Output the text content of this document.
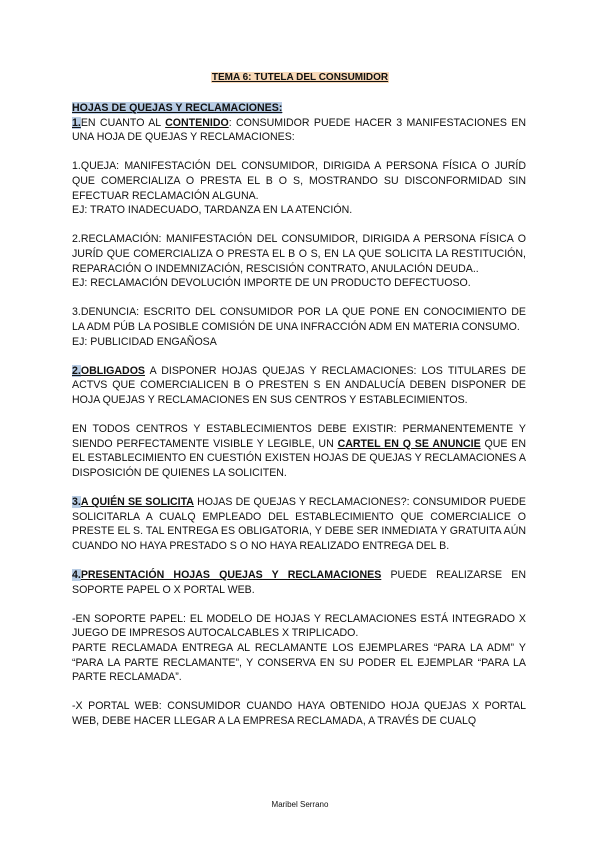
TEMA 6: TUTELA DEL CONSUMIDOR

HOJAS DE QUEJAS Y RECLAMACIONES:

1.EN CUANTO AL CONTENIDO: CONSUMIDOR PUEDE HACER 3 MANIFESTACIONES EN UNA HOJA DE QUEJAS Y RECLAMACIONES:

1.QUEJA: MANIFESTACIÓN DEL CONSUMIDOR, DIRIGIDA A PERSONA FÍSICA O JURÍD QUE COMERCIALIZA O PRESTA EL B O S, MOSTRANDO SU DISCONFORMIDAD SIN EFECTUAR RECLAMACIÓN ALGUNA.

EJ: TRATO INADECUADO, TARDANZA EN LA ATENCIÓN.

2.RECLAMACIÓN: MANIFESTACIÓN DEL CONSUMIDOR, DIRIGIDA A PERSONA FÍSICA O JURÍD QUE COMERCIALIZA O PRESTA EL B O S, EN LA QUE SOLICITA LA RESTITUCIÓN, REPARACIÓN O INDEMNIZACIÓN, RESCISIÓN CONTRATO, ANULACIÓN DEUDA..

EJ: RECLAMACIÓN DEVOLUCIÓN IMPORTE DE UN PRODUCTO DEFECTUOSO.

3.DENUNCIA: ESCRITO DEL CONSUMIDOR POR LA QUE PONE EN CONOCIMIENTO DE LA ADM PÚB LA POSIBLE COMISIÓN DE UNA INFRACCIÓN ADM EN MATERIA CONSUMO.

EJ: PUBLICIDAD ENGAÑOSA

2.OBLIGADOS A DISPONER HOJAS QUEJAS Y RECLAMACIONES: LOS TITULARES DE ACTVS QUE COMERCIALICEN B O PRESTEN S EN ANDALUCÍA DEBEN DISPONER DE HOJA QUEJAS Y RECLAMACIONES EN SUS CENTROS Y ESTABLECIMIENTOS.

EN TODOS CENTROS Y ESTABLECIMIENTOS DEBE EXISTIR: PERMANENTEMENTE Y SIENDO PERFECTAMENTE VISIBLE Y LEGIBLE, UN CARTEL EN Q SE ANUNCIE QUE EN EL ESTABLECIMIENTO EN CUESTIÓN EXISTEN HOJAS DE QUEJAS Y RECLAMACIONES A DISPOSICIÓN DE QUIENES LA SOLICITEN.

3.A QUIÉN SE SOLICITA HOJAS DE QUEJAS Y RECLAMACIONES?: CONSUMIDOR PUEDE SOLICITARLA A CUALQ EMPLEADO DEL ESTABLECIMIENTO QUE COMERCIALICE O PRESTE EL S. TAL ENTREGA ES OBLIGATORIA, Y DEBE SER INMEDIATA Y GRATUITA AÚN CUANDO NO HAYA PRESTADO S O NO HAYA REALIZADO ENTREGA DEL B.

4.PRESENTACIÓN HOJAS QUEJAS Y RECLAMACIONES PUEDE REALIZARSE EN SOPORTE PAPEL O X PORTAL WEB.

-EN SOPORTE PAPEL: EL MODELO DE HOJAS Y RECLAMACIONES ESTÁ INTEGRADO X JUEGO DE IMPRESOS AUTOCALCABLES X TRIPLICADO.

PARTE RECLAMADA ENTREGA AL RECLAMANTE LOS EJEMPLARES “PARA LA ADM” Y “PARA LA PARTE RECLAMANTE”, Y CONSERVA EN SU PODER EL EJEMPLAR “PARA LA PARTE RECLAMADA”.

-X PORTAL WEB: CONSUMIDOR CUANDO HAYA OBTENIDO HOJA QUEJAS X PORTAL WEB, DEBE HACER LLEGAR A LA EMPRESA RECLAMADA, A TRAVÉS DE CUALQ

Maribel Serrano
